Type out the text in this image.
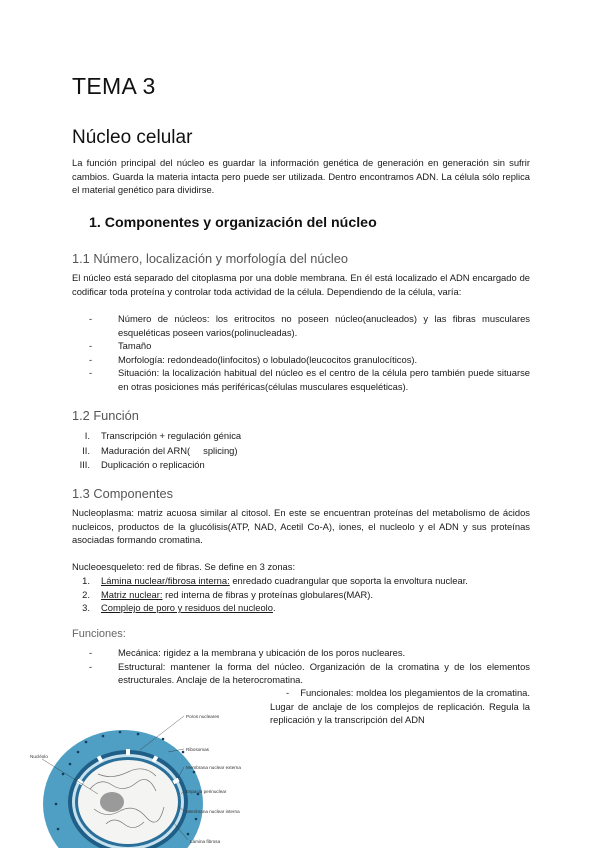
TEMA 3
Núcleo celular
La función principal del núcleo es guardar la información genética de generación en generación sin sufrir cambios. Guarda la materia intacta pero puede ser utilizada. Dentro encontramos ADN. La célula sólo replica el material genético para dividirse.
1. Componentes y organización del núcleo
1.1 Número, localización y morfología del núcleo
El núcleo está separado del citoplasma por una doble membrana. En él está localizado el ADN encargado de codificar toda proteína y controlar toda actividad de la célula. Dependiendo de la célula, varía:
-	Número de núcleos: los eritrocitos no poseen núcleo(anucleados) y las fibras musculares esqueléticas poseen varios(polinucleadas).
-	Tamaño
-	Morfología: redondeado(linfocitos) o lobulado(leucocitos granulocíticos).
-	Situación: la localización habitual del núcleo es el centro de la célula pero también puede situarse en otras posiciones más periféricas(células musculares esqueléticas).
1.2 Función
I. Transcripción + regulación génica
II. Maduración del ARN(     splicing)
III. Duplicación o replicación
1.3 Componentes
Nucleoplasma: matriz acuosa similar al citosol. En este se encuentran proteínas del metabolismo de ácidos nucleicos, productos de la glucólisis(ATP, NAD, Acetil Co-A), iones, el nucleolo y el ADN y sus proteínas asociadas formando cromatina.
Nucleoesqueleto: red de fibras. Se define en 3 zonas:
1. Lámina nuclear/fibrosa interna: enredado cuadrangular que soporta la envoltura nuclear.
2. Matriz nuclear: red interna de fibras y proteínas globulares(MAR).
3. Complejo de poro y residuos del nucleolo.
Funciones:
-	Mecánica: rigidez a la membrana y ubicación de los poros nucleares.
-	Estructural: mantener la forma del núcleo. Organización de la cromatina y de los elementos estructurales. Anclaje de la heterocromatina.
-    Funcionales: moldea los plegamientos de la cromatina. Lugar de anclaje de los complejos de replicación. Regula la replicación y la transcripción del ADN
Poros nucleares
Nucléolo
Ribosomas
Membrana nuclear externa
Espacio perinuclear
Membrana nuclear interna
Lámina fibrosa
